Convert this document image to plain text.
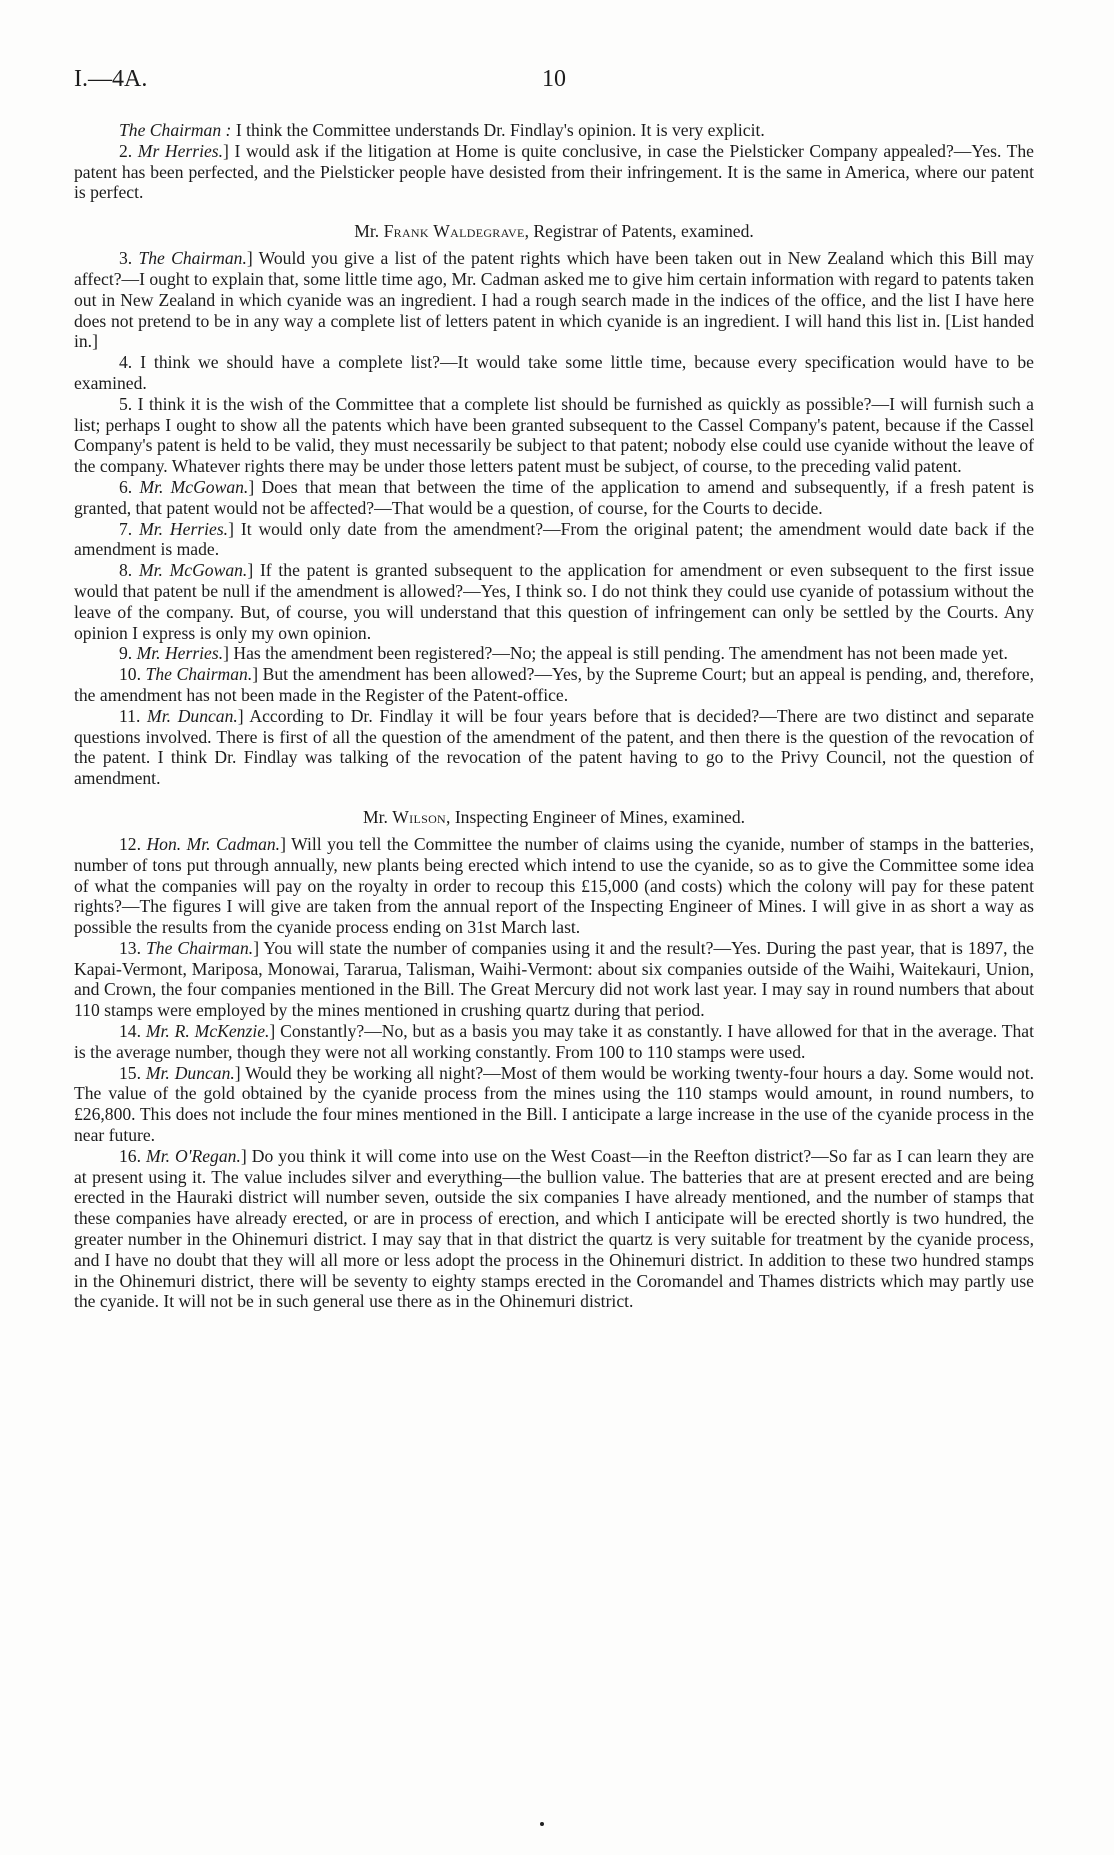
I.—4A.	10

The Chairman : I think the Committee understands Dr. Findlay's opinion. It is very explicit.

2. Mr Herries.] I would ask if the litigation at Home is quite conclusive, in case the Pielsticker Company appealed?—Yes. The patent has been perfected, and the Pielsticker people have desisted from their infringement. It is the same in America, where our patent is perfect.

Mr. Frank Waldegrave, Registrar of Patents, examined.

3. The Chairman.] Would you give a list of the patent rights which have been taken out in New Zealand which this Bill may affect?—I ought to explain that, some little time ago, Mr. Cadman asked me to give him certain information with regard to patents taken out in New Zealand in which cyanide was an ingredient. I had a rough search made in the indices of the office, and the list I have here does not pretend to be in any way a complete list of letters patent in which cyanide is an ingredient. I will hand this list in. [List handed in.]

4. I think we should have a complete list?—It would take some little time, because every specification would have to be examined.

5. I think it is the wish of the Committee that a complete list should be furnished as quickly as possible?—I will furnish such a list; perhaps I ought to show all the patents which have been granted subsequent to the Cassel Company's patent, because if the Cassel Company's patent is held to be valid, they must necessarily be subject to that patent; nobody else could use cyanide without the leave of the company. Whatever rights there may be under those letters patent must be subject, of course, to the preceding valid patent.

6. Mr. McGowan.] Does that mean that between the time of the application to amend and subsequently, if a fresh patent is granted, that patent would not be affected?—That would be a question, of course, for the Courts to decide.

7. Mr. Herries.] It would only date from the amendment?—From the original patent; the amendment would date back if the amendment is made.

8. Mr. McGowan.] If the patent is granted subsequent to the application for amendment or even subsequent to the first issue would that patent be null if the amendment is allowed?—Yes, I think so. I do not think they could use cyanide of potassium without the leave of the company. But, of course, you will understand that this question of infringement can only be settled by the Courts. Any opinion I express is only my own opinion.

9. Mr. Herries.] Has the amendment been registered?—No; the appeal is still pending. The amendment has not been made yet.

10. The Chairman.] But the amendment has been allowed?—Yes, by the Supreme Court; but an appeal is pending, and, therefore, the amendment has not been made in the Register of the Patent-office.

11. Mr. Duncan.] According to Dr. Findlay it will be four years before that is decided?—There are two distinct and separate questions involved. There is first of all the question of the amendment of the patent, and then there is the question of the revocation of the patent. I think Dr. Findlay was talking of the revocation of the patent having to go to the Privy Council, not the question of amendment.

Mr. Wilson, Inspecting Engineer of Mines, examined.

12. Hon. Mr. Cadman.] Will you tell the Committee the number of claims using the cyanide, number of stamps in the batteries, number of tons put through annually, new plants being erected which intend to use the cyanide, so as to give the Committee some idea of what the companies will pay on the royalty in order to recoup this £15,000 (and costs) which the colony will pay for these patent rights?—The figures I will give are taken from the annual report of the Inspecting Engineer of Mines. I will give in as short a way as possible the results from the cyanide process ending on 31st March last.

13. The Chairman.] You will state the number of companies using it and the result?—Yes. During the past year, that is 1897, the Kapai-Vermont, Mariposa, Monowai, Tararua, Talisman, Waihi-Vermont: about six companies outside of the Waihi, Waitekauri, Union, and Crown, the four companies mentioned in the Bill. The Great Mercury did not work last year. I may say in round numbers that about 110 stamps were employed by the mines mentioned in crushing quartz during that period.

14. Mr. R. McKenzie.] Constantly?—No, but as a basis you may take it as constantly. I have allowed for that in the average. That is the average number, though they were not all working constantly. From 100 to 110 stamps were used.

15. Mr. Duncan.] Would they be working all night?—Most of them would be working twenty-four hours a day. Some would not. The value of the gold obtained by the cyanide process from the mines using the 110 stamps would amount, in round numbers, to £26,800. This does not include the four mines mentioned in the Bill. I anticipate a large increase in the use of the cyanide process in the near future.

16. Mr. O'Regan.] Do you think it will come into use on the West Coast—in the Reefton district?—So far as I can learn they are at present using it. The value includes silver and everything—the bullion value. The batteries that are at present erected and are being erected in the Hauraki district will number seven, outside the six companies I have already mentioned, and the number of stamps that these companies have already erected, or are in process of erection, and which I anticipate will be erected shortly is two hundred, the greater number in the Ohinemuri district. I may say that in that district the quartz is very suitable for treatment by the cyanide process, and I have no doubt that they will all more or less adopt the process in the Ohinemuri district. In addition to these two hundred stamps in the Ohinemuri district, there will be seventy to eighty stamps erected in the Coromandel and Thames districts which may partly use the cyanide. It will not be in such general use there as in the Ohinemuri district.
